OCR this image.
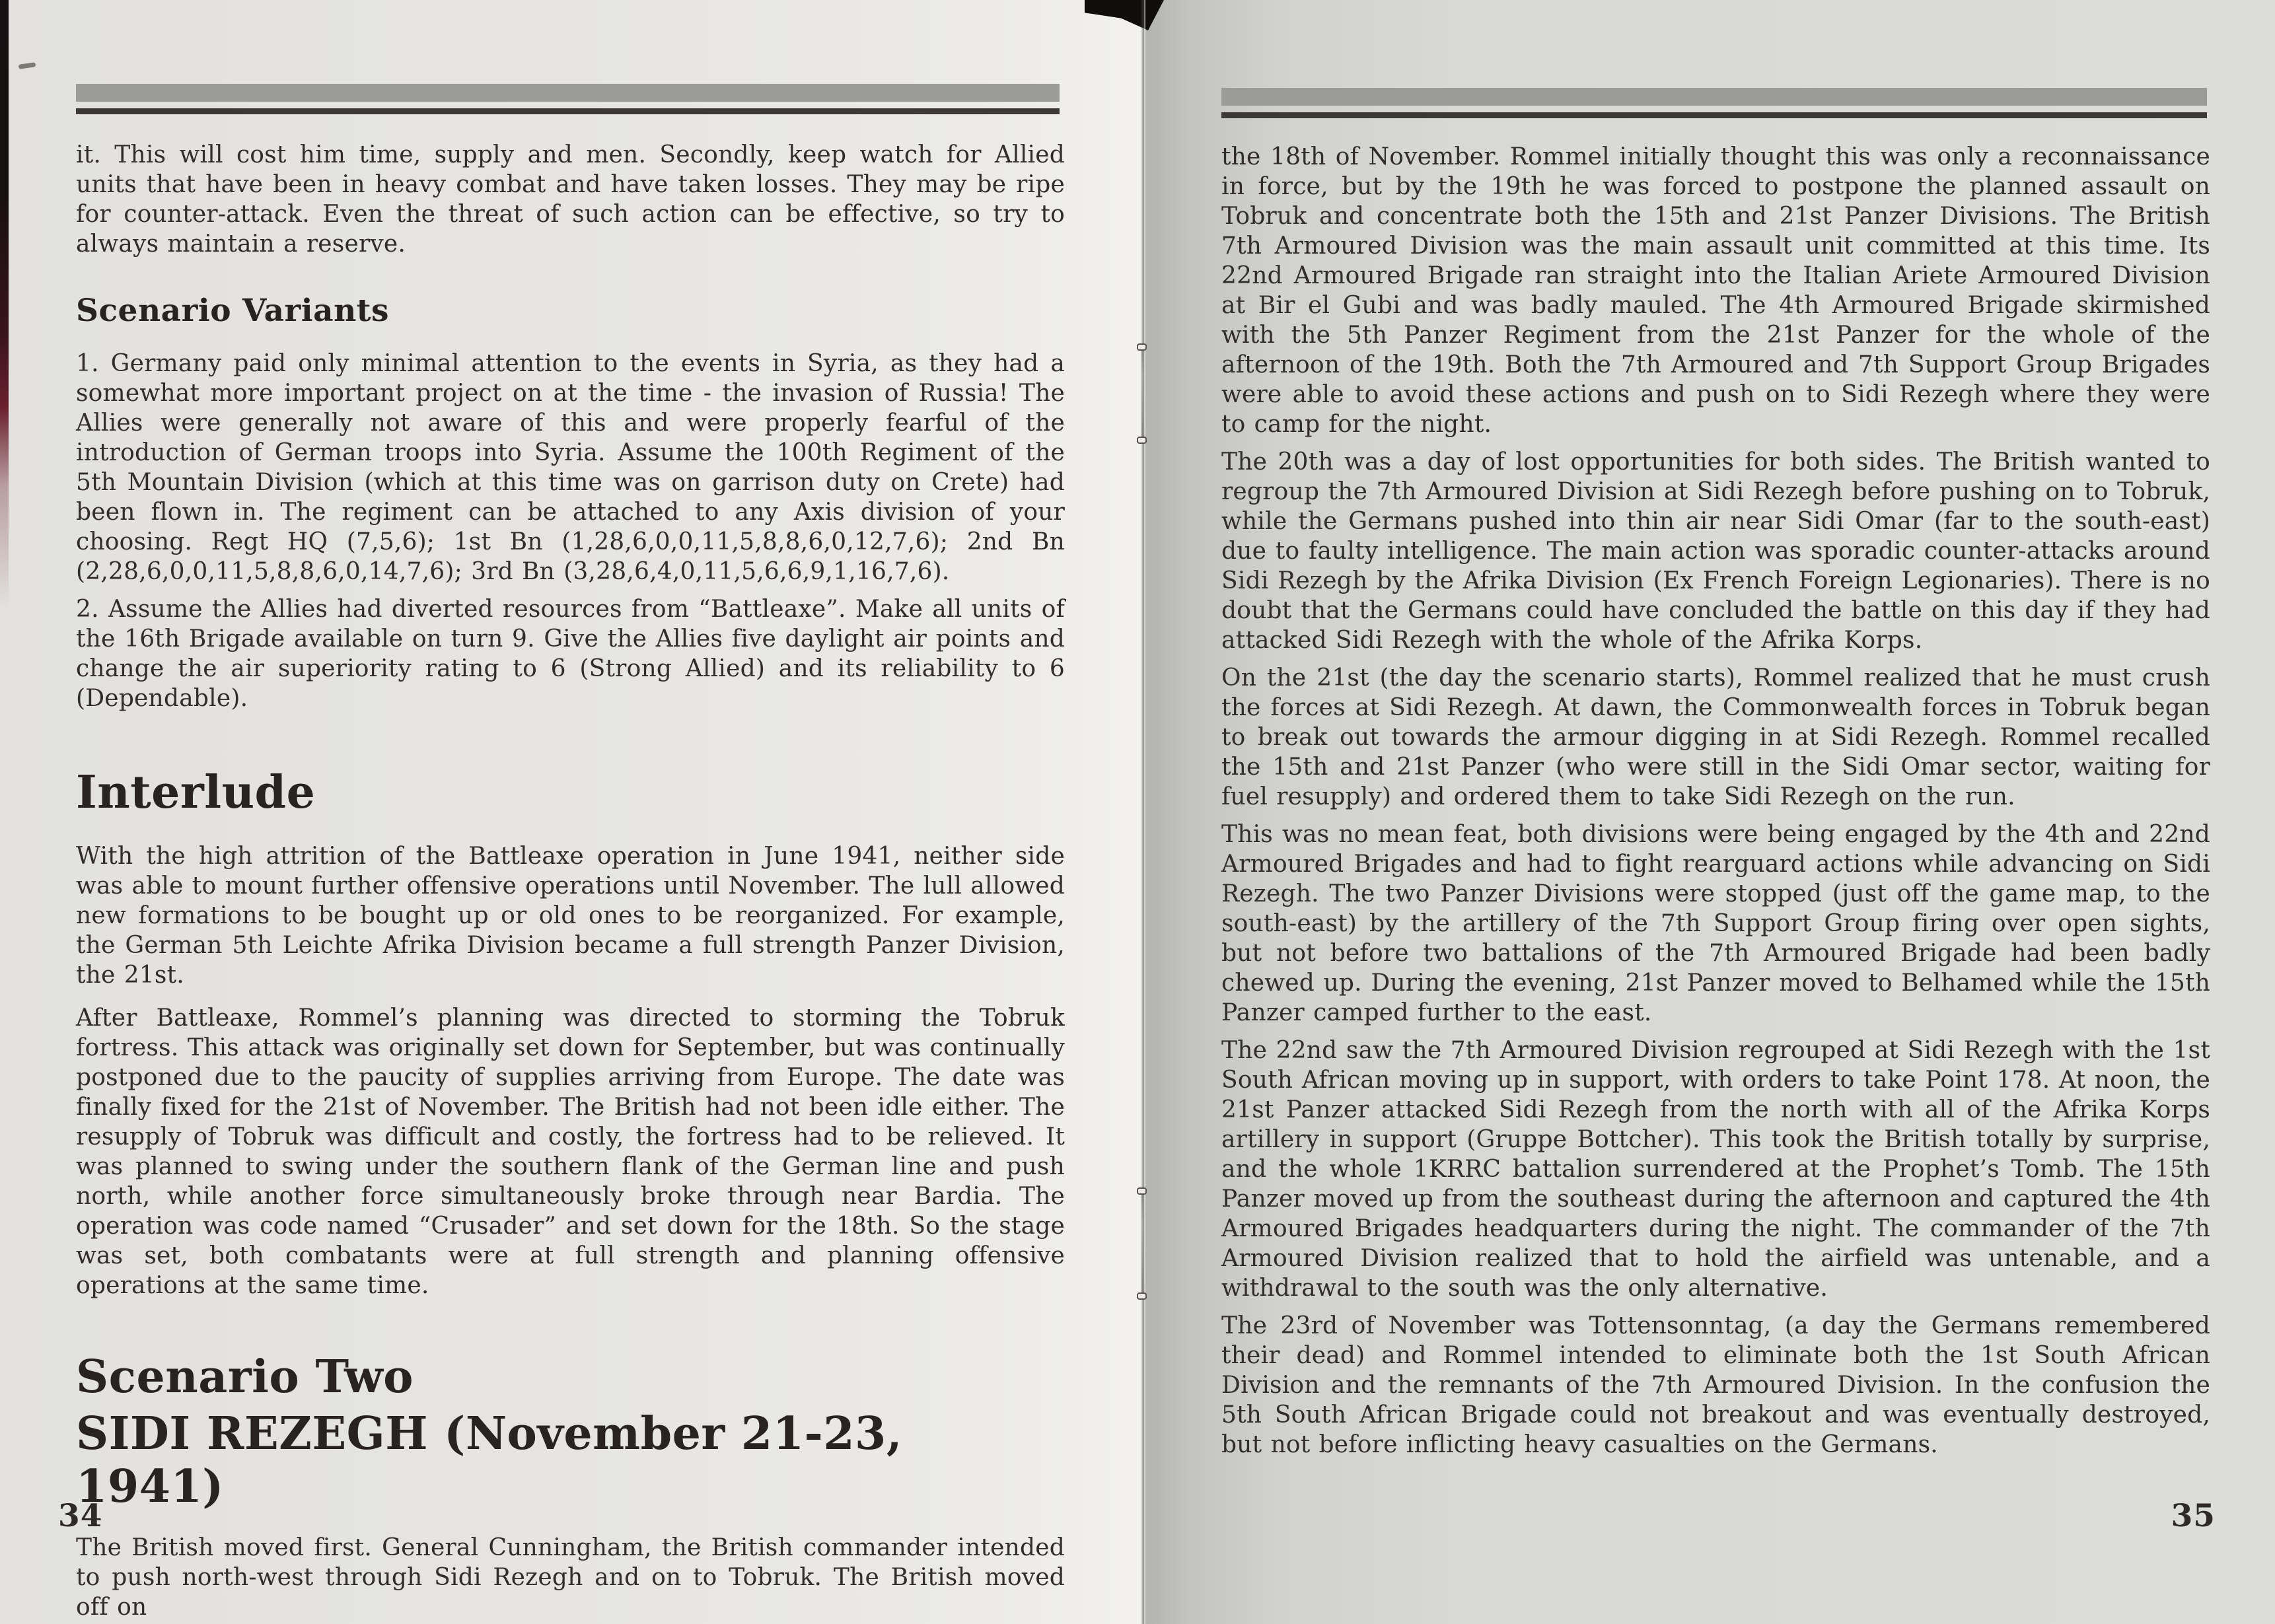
it. This will cost him time, supply and men. Secondly, keep watch for Allied units that have been in heavy combat and have taken losses. They may be ripe for counter-attack. Even the threat of such action can be effective, so try to always maintain a reserve.

Scenario Variants

1. Germany paid only minimal attention to the events in Syria, as they had a somewhat more important project on at the time - the invasion of Russia! The Allies were generally not aware of this and were properly fearful of the introduction of German troops into Syria. Assume the 100th Regiment of the 5th Mountain Division (which at this time was on garrison duty on Crete) had been flown in. The regiment can be attached to any Axis division of your choosing. Regt HQ (7,5,6); 1st Bn (1,28,6,0,0,11,5,8,8,6,0,12,7,6); 2nd Bn (2,28,6,0,0,11,5,8,8,6,0,14,7,6); 3rd Bn (3,28,6,4,0,11,5,6,6,9,1,16,7,6).

2. Assume the Allies had diverted resources from “Battleaxe”. Make all units of the 16th Brigade available on turn 9. Give the Allies five daylight air points and change the air superiority rating to 6 (Strong Allied) and its reliability to 6 (Dependable).

Interlude

With the high attrition of the Battleaxe operation in June 1941, neither side was able to mount further offensive operations until November. The lull allowed new formations to be bought up or old ones to be reorganized. For example, the German 5th Leichte Afrika Division became a full strength Panzer Division, the 21st.

After Battleaxe, Rommel’s planning was directed to storming the Tobruk fortress. This attack was originally set down for September, but was continually postponed due to the paucity of supplies arriving from Europe. The date was finally fixed for the 21st of November. The British had not been idle either. The resupply of Tobruk was difficult and costly, the fortress had to be relieved. It was planned to swing under the southern flank of the German line and push north, while another force simultaneously broke through near Bardia. The operation was code named “Crusader” and set down for the 18th. So the stage was set, both combatants were at full strength and planning offensive operations at the same time.

Scenario Two
SIDI REZEGH (November 21-23, 1941)

The British moved first. General Cunningham, the British commander intended to push north-west through Sidi Rezegh and on to Tobruk. The British moved off on

34

the 18th of November. Rommel initially thought this was only a reconnaissance in force, but by the 19th he was forced to postpone the planned assault on Tobruk and concentrate both the 15th and 21st Panzer Divisions. The British 7th Armoured Division was the main assault unit committed at this time. Its 22nd Armoured Brigade ran straight into the Italian Ariete Armoured Division at Bir el Gubi and was badly mauled. The 4th Armoured Brigade skirmished with the 5th Panzer Regiment from the 21st Panzer for the whole of the afternoon of the 19th. Both the 7th Armoured and 7th Support Group Brigades were able to avoid these actions and push on to Sidi Rezegh where they were to camp for the night.

The 20th was a day of lost opportunities for both sides. The British wanted to regroup the 7th Armoured Division at Sidi Rezegh before pushing on to Tobruk, while the Germans pushed into thin air near Sidi Omar (far to the south-east) due to faulty intelligence. The main action was sporadic counter-attacks around Sidi Rezegh by the Afrika Division (Ex French Foreign Legionaries). There is no doubt that the Germans could have concluded the battle on this day if they had attacked Sidi Rezegh with the whole of the Afrika Korps.

On the 21st (the day the scenario starts), Rommel realized that he must crush the forces at Sidi Rezegh. At dawn, the Commonwealth forces in Tobruk began to break out towards the armour digging in at Sidi Rezegh. Rommel recalled the 15th and 21st Panzer (who were still in the Sidi Omar sector, waiting for fuel resupply) and ordered them to take Sidi Rezegh on the run.

This was no mean feat, both divisions were being engaged by the 4th and 22nd Armoured Brigades and had to fight rearguard actions while advancing on Sidi Rezegh. The two Panzer Divisions were stopped (just off the game map, to the south-east) by the artillery of the 7th Support Group firing over open sights, but not before two battalions of the 7th Armoured Brigade had been badly chewed up. During the evening, 21st Panzer moved to Belhamed while the 15th Panzer camped further to the east.

The 22nd saw the 7th Armoured Division regrouped at Sidi Rezegh with the 1st South African moving up in support, with orders to take Point 178. At noon, the 21st Panzer attacked Sidi Rezegh from the north with all of the Afrika Korps artillery in support (Gruppe Bottcher). This took the British totally by surprise, and the whole 1KRRC battalion surrendered at the Prophet’s Tomb. The 15th Panzer moved up from the southeast during the afternoon and captured the 4th Armoured Brigades headquarters during the night. The commander of the 7th Armoured Division realized that to hold the airfield was untenable, and a withdrawal to the south was the only alternative.

The 23rd of November was Tottensonntag, (a day the Germans remembered their dead) and Rommel intended to eliminate both the 1st South African Division and the remnants of the 7th Armoured Division. In the confusion the 5th South African Brigade could not breakout and was eventually destroyed, but not before inflicting heavy casualties on the Germans.

35
